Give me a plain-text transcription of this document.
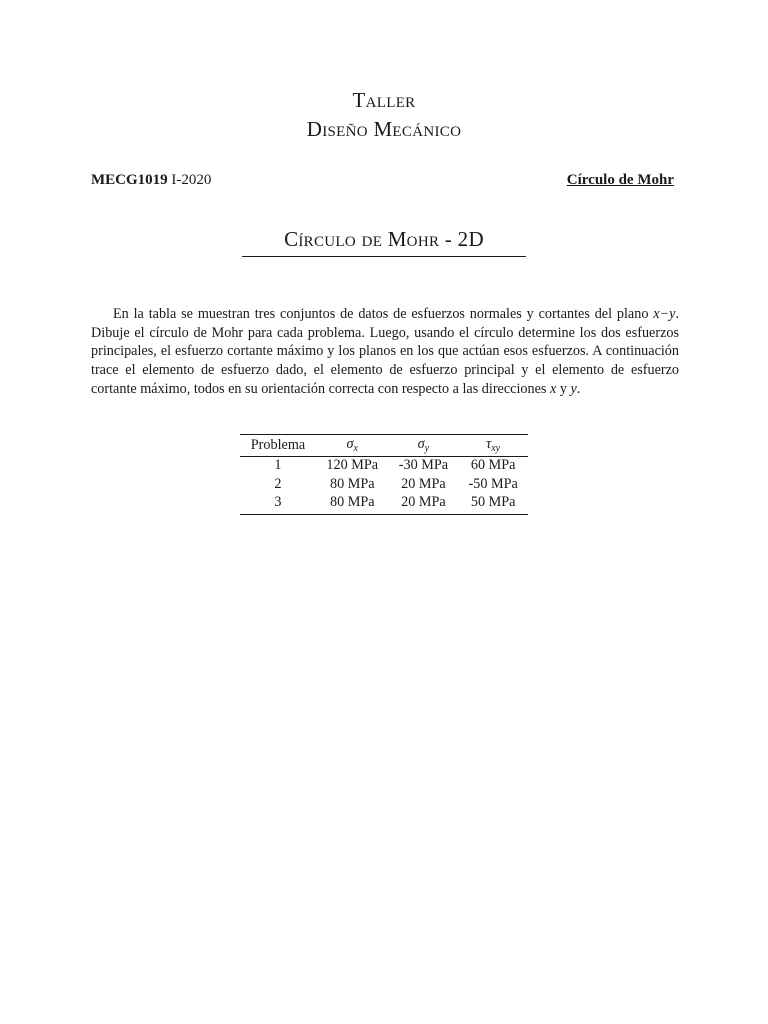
Taller
Diseño Mecánico
MECG1019 I-2020	Círculo de Mohr
Círculo de Mohr - 2D

En la tabla se muestran tres conjuntos de datos de esfuerzos normales y cortantes del plano x−y. Dibuje el círculo de Mohr para cada problema. Luego, usando el círculo determine los dos esfuerzos principales, el esfuerzo cortante máximo y los planos en los que actúan esos esfuerzos. A continuación trace el elemento de esfuerzo dado, el elemento de esfuerzo principal y el elemento de esfuerzo cortante máximo, todos en su orientación correcta con respecto a las direcciones x y y.

Problema	$\sigma_x$	$\sigma_y$	$\tau_{xy}$
1	120 MPa	-30 MPa	60 MPa
2	80 MPa	20 MPa	-50 MPa
3	80 MPa	20 MPa	50 MPa
